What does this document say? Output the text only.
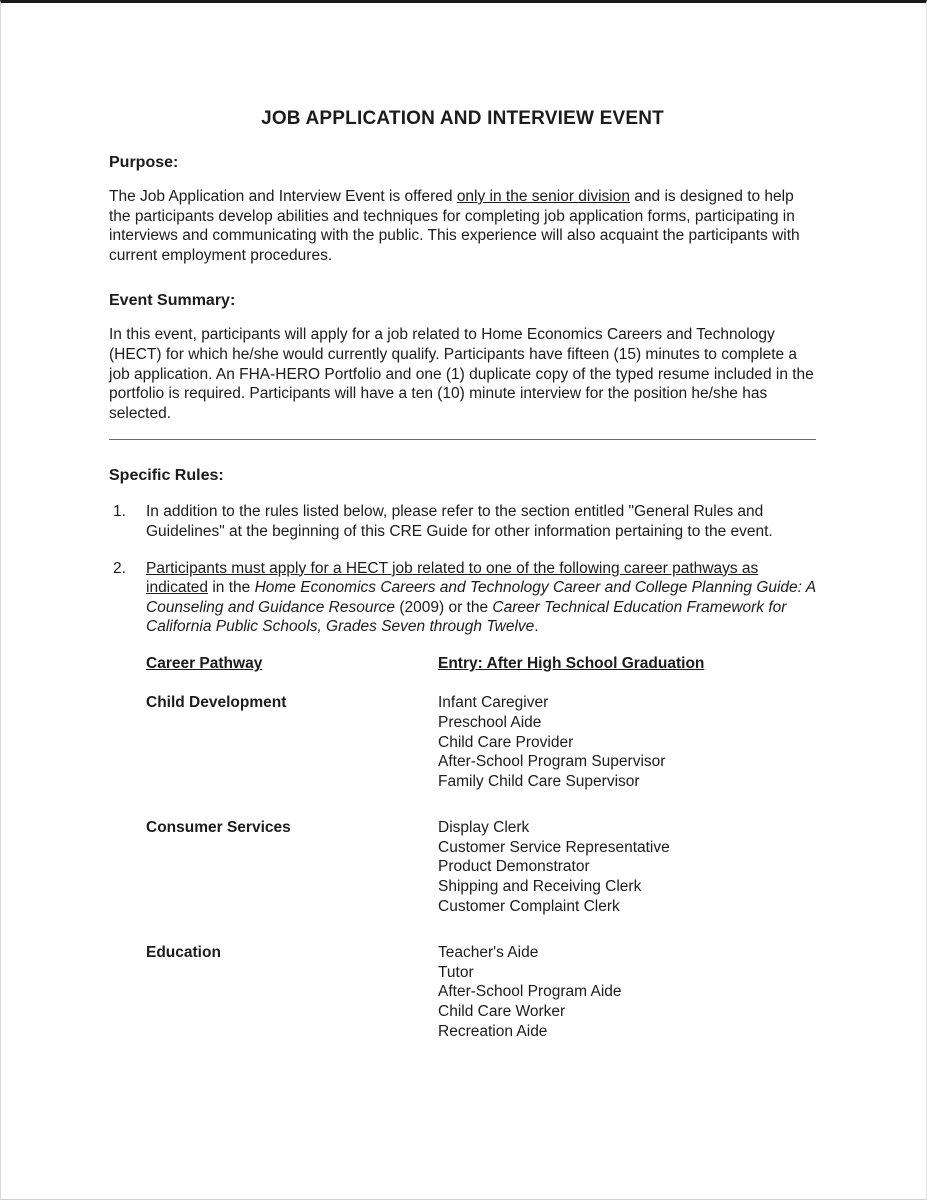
JOB APPLICATION AND INTERVIEW EVENT
Purpose:

The Job Application and Interview Event is offered only in the senior division and is designed to help the participants develop abilities and techniques for completing job application forms, participating in interviews and communicating with the public. This experience will also acquaint the participants with current employment procedures.

Event Summary:

In this event, participants will apply for a job related to Home Economics Careers and Technology (HECT) for which he/she would currently qualify. Participants have fifteen (15) minutes to complete a job application. An FHA-HERO Portfolio and one (1) duplicate copy of the typed resume included in the portfolio is required. Participants will have a ten (10) minute interview for the position he/she has selected.

Specific Rules:
1.	In addition to the rules listed below, please refer to the section entitled "General Rules and Guidelines" at the beginning of this CRE Guide for other information pertaining to the event.
2.	Participants must apply for a HECT job related to one of the following career pathways as indicated in the Home Economics Careers and Technology Career and College Planning Guide: A Counseling and Guidance Resource (2009) or the Career Technical Education Framework for California Public Schools, Grades Seven through Twelve.
Career Pathway	Entry: After High School Graduation
Child Development	Infant Caregiver
Preschool Aide
Child Care Provider
After-School Program Supervisor
Family Child Care Supervisor
Consumer Services	Display Clerk
Customer Service Representative
Product Demonstrator
Shipping and Receiving Clerk
Customer Complaint Clerk
Education	Teacher's Aide
Tutor
After-School Program Aide
Child Care Worker
Recreation Aide
